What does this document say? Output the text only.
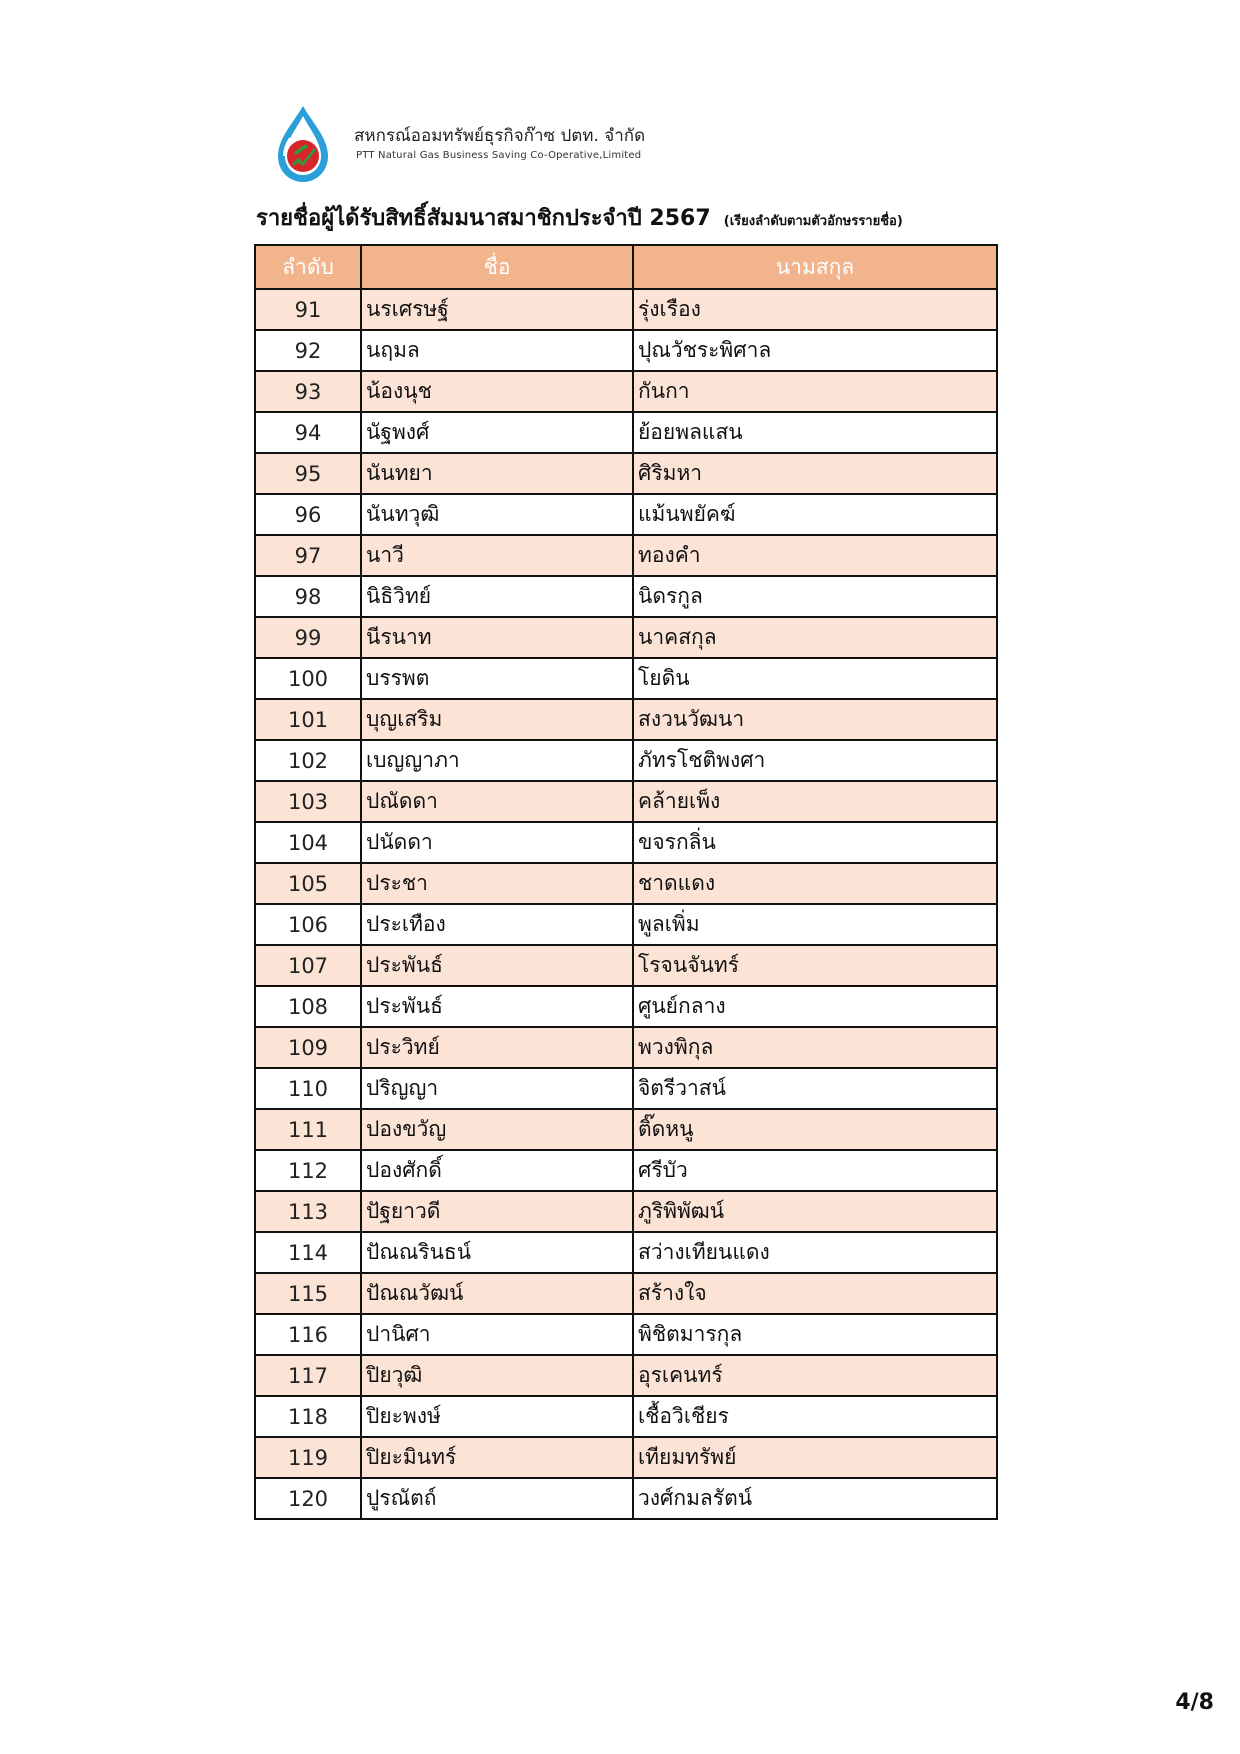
สหกรณ์ออมทรัพย์ธุรกิจก๊าซ ปตท. จำกัด
PTT Natural Gas Business Saving Co-Operative,Limited
รายชื่อผู้ได้รับสิทธิ์สัมมนาสมาชิกประจำปี 2567 (เรียงลำดับตามตัวอักษรรายชื่อ)
ลำดับ	ชื่อ	นามสกุล
91	นรเศรษฐ์	รุ่งเรือง
92	นฤมล	ปุณวัชระพิศาล
93	น้องนุช	กันกา
94	นัฐพงศ์	ย้อยพลแสน
95	นันทยา	ศิริมหา
96	นันทวุฒิ	แม้นพยัคฆ์
97	นาวี	ทองคำ
98	นิธิวิทย์	นิดรกูล
99	นีรนาท	นาคสกุล
100	บรรพต	โยดิน
101	บุญเสริม	สงวนวัฒนา
102	เบญญาภา	ภัทรโชติพงศา
103	ปณัดดา	คล้ายเพ็ง
104	ปนัดดา	ขจรกลิ่น
105	ประชา	ชาดแดง
106	ประเทือง	พูลเพิ่ม
107	ประพันธ์	โรจนจันทร์
108	ประพันธ์	ศูนย์กลาง
109	ประวิทย์	พวงพิกุล
110	ปริญญา	จิตรีวาสน์
111	ปองขวัญ	ติ๊ดหนู
112	ปองศักดิ์	ศรีบัว
113	ปัฐยาวดี	ภูริพิพัฒน์
114	ปัณณรินธน์	สว่างเทียนแดง
115	ปัณณวัฒน์	สร้างใจ
116	ปานิศา	พิชิตมารกุล
117	ปิยวุฒิ	อุรเคนทร์
118	ปิยะพงษ์	เชื้อวิเชียร
119	ปิยะมินทร์	เทียมทรัพย์
120	ปูรณัตถ์	วงศ์กมลรัตน์
4/8
